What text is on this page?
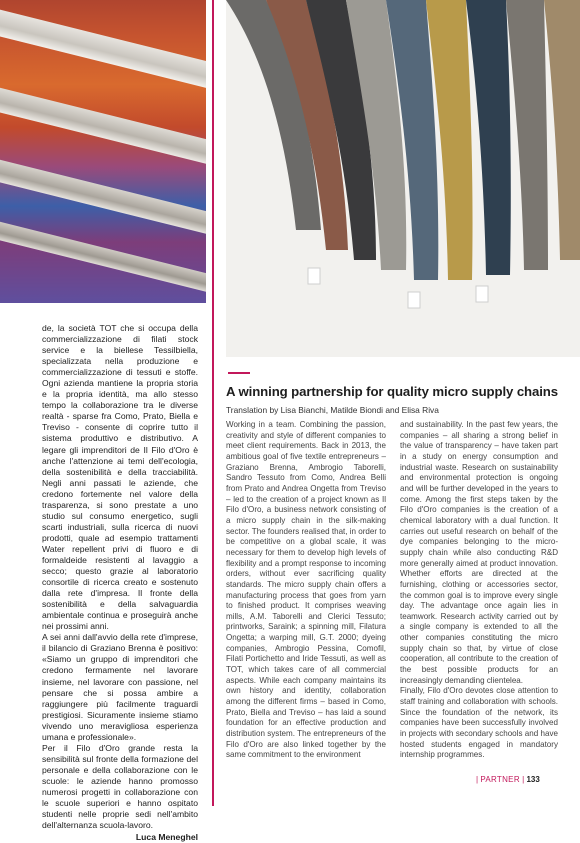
de, la società TOT che si occupa della commercializzazione di filati stock service e la biellese Tessilbiella, specializzata nella produzione e commercializzazione di tessuti e stoffe. Ogni azienda mantiene la propria storia e la propria identità, ma allo stesso tempo la collaborazione tra le diverse realtà - sparse fra Como, Prato, Biella e Treviso - consente di coprire tutto il sistema produttivo e distributivo. A legare gli imprenditori de Il Filo d'Oro è anche l'attenzione ai temi dell'ecologia, della sostenibilità e della tracciabilità. Negli anni passati le aziende, che credono fortemente nel valore della trasparenza, si sono prestate a uno studio sul consumo energetico, sugli scarti industriali, sulla ricerca di nuovi prodotti, quale ad esempio trattamenti Water repellent privi di fluoro e di formaldeide resistenti al lavaggio a secco; questo grazie al laboratorio consortile di ricerca creato e sostenuto dalla rete d'impresa. Il fronte della sostenibilità e della salvaguardia ambientale continua e proseguirà anche nei prossimi anni.

A sei anni dall'avvio della rete d'imprese, il bilancio di Graziano Brenna è positivo: «Siamo un gruppo di imprenditori che credono fermamente nel lavorare insieme, nel lavorare con passione, nel pensare che si possa ambire a raggiungere più facilmente traguardi prestigiosi. Sicuramente insieme stiamo vivendo uno meravigliosa esperienza umana e professionale».

Per il Filo d'Oro grande resta la sensibilità sul fronte della formazione del personale e della collaborazione con le scuole: le aziende hanno promosso numerosi progetti in collaborazione con le scuole superiori e hanno ospitato studenti nelle proprie sedi nell'ambito dell'alternanza scuola-lavoro.

Luca Meneghel

A winning partnership for quality micro supply chains
Translation by Lisa Bianchi, Matilde Biondi and Elisa Riva

Working in a team. Combining the passion, creativity and style of different companies to meet client requirements. Back in 2013, the ambitious goal of five textile entrepreneurs – Graziano Brenna, Ambrogio Taborelli, Sandro Tessuto from Como, Andrea Belli from Prato and Andrea Ongetta from Treviso – led to the creation of a project known as Il Filo d'Oro, a business network consisting of a micro supply chain in the silk-making sector. The founders realised that, in order to be competitive on a global scale, it was necessary for them to develop high levels of flexibility and a prompt response to incoming orders, without ever sacrificing quality standards. The micro supply chain offers a manufacturing process that goes from yarn to finished product. It comprises weaving mills, A.M. Taborelli and Clerici Tessuto; printworks, Saraink; a spinning mill, Filatura Ongetta; a warping mill, G.T. 2000; dyeing companies, Ambrogio Pessina, Comofil, Filati Portichetto and Iride Tessuti, as well as TOT, which takes care of all commercial aspects. While each company maintains its own history and identity, collaboration among the different firms – based in Como, Prato, Biella and Treviso – has laid a sound foundation for an effective production and distribution system. The entrepreneurs of the Filo d'Oro are also linked together by the same commitment to the environment

and sustainability. In the past few years, the companies – all sharing a strong belief in the value of transparency – have taken part in a study on energy consumption and industrial waste. Research on sustainability and environmental protection is ongoing and will be further developed in the years to come. Among the first steps taken by the Filo d'Oro companies is the creation of a chemical laboratory with a dual function. It carries out useful research on behalf of the dye companies belonging to the micro-supply chain while also conducting R&D more generally aimed at product innovation. Whether efforts are directed at the furnishing, clothing or accessories sector, the common goal is to improve every single day. The advantage once again lies in teamwork. Research activity carried out by a single company is extended to all the other companies constituting the micro supply chain so that, by virtue of close cooperation, all contribute to the creation of the best possible products for an increasingly demanding clientelea.

Finally, Filo d'Oro devotes close attention to staff training and collaboration with schools. Since the foundation of the network, its companies have been successfully involved in projects with secondary schools and have hosted students engaged in mandatory internship programmes.

| PARTNER | 133
